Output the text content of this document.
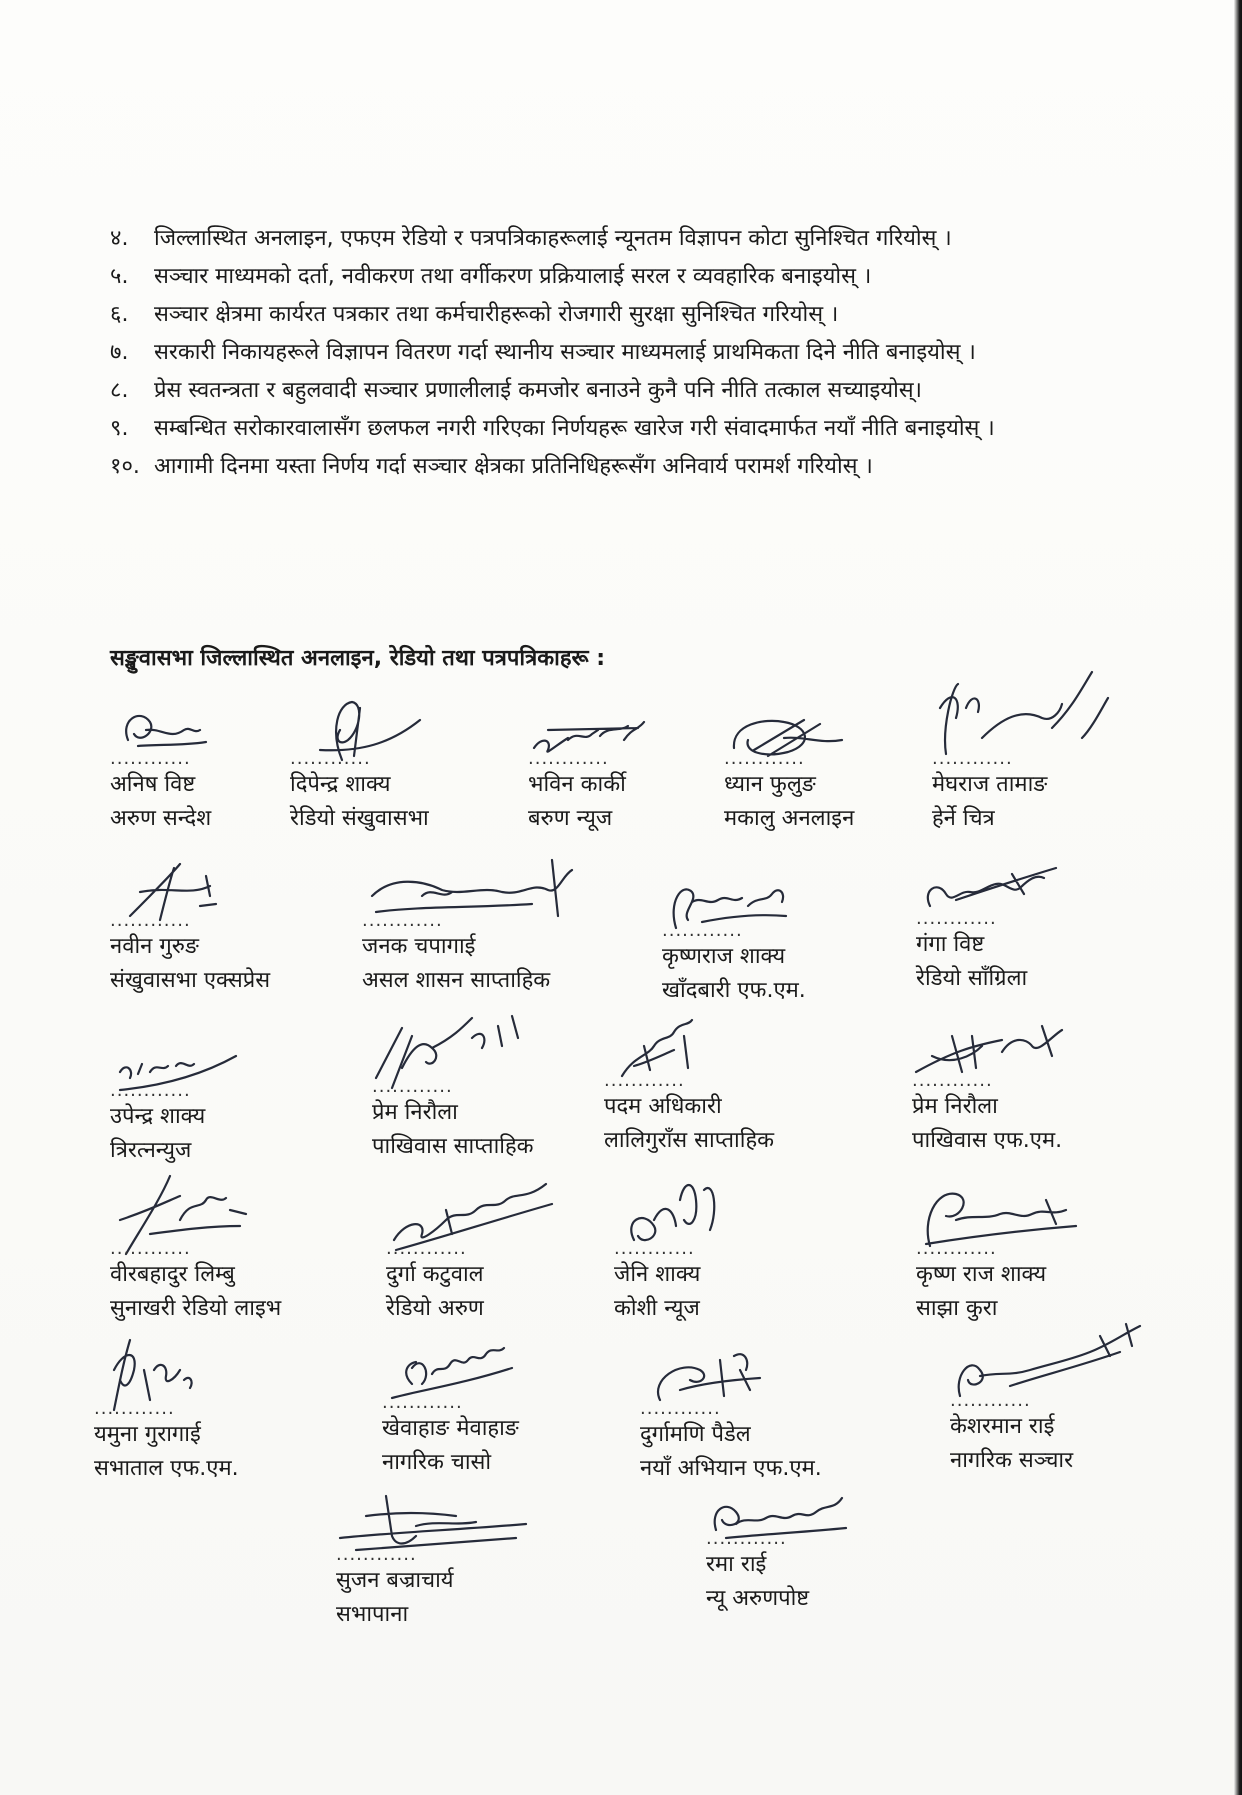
४. जिल्लास्थित अनलाइन, एफएम रेडियो र पत्रपत्रिकाहरूलाई न्यूनतम विज्ञापन कोटा सुनिश्चित गरियोस् ।
५. सञ्चार माध्यमको दर्ता, नवीकरण तथा वर्गीकरण प्रक्रियालाई सरल र व्यवहारिक बनाइयोस् ।
६. सञ्चार क्षेत्रमा कार्यरत पत्रकार तथा कर्मचारीहरूको रोजगारी सुरक्षा सुनिश्चित गरियोस् ।
७. सरकारी निकायहरूले विज्ञापन वितरण गर्दा स्थानीय सञ्चार माध्यमलाई प्राथमिकता दिने नीति बनाइयोस् ।
८. प्रेस स्वतन्त्रता र बहुलवादी सञ्चार प्रणालीलाई कमजोर बनाउने कुनै पनि नीति तत्काल सच्याइयोस्।
९. सम्बन्धित सरोकारवालासँग छलफल नगरी गरिएका निर्णयहरू खारेज गरी संवादमार्फत नयाँ नीति बनाइयोस् ।
१०. आगामी दिनमा यस्ता निर्णय गर्दा सञ्चार क्षेत्रका प्रतिनिधिहरूसँग अनिवार्य परामर्श गरियोस् ।
सङ्खुवासभा जिल्लास्थित अनलाइन, रेडियो तथा पत्रपत्रिकाहरू :
............
अनिष विष्ट
अरुण सन्देश
............
दिपेन्द्र शाक्य
रेडियो संखुवासभा
............
भविन कार्की
बरुण न्यूज
............
ध्यान फुलुङ
मकालु अनलाइन
............
मेघराज तामाङ
हेर्ने चित्र
............
नवीन गुरुङ
संखुवासभा एक्सप्रेस
............
जनक चपागाई
असल शासन साप्ताहिक
............
कृष्णराज शाक्य
खाँदबारी एफ.एम.
............
गंगा विष्ट
रेडियो साँग्रिला
............
उपेन्द्र शाक्य
त्रिरत्नन्युज
............
प्रेम निरौला
पाखिवास साप्ताहिक
............
पदम अधिकारी
लालिगुराँस साप्ताहिक
............
प्रेम निरौला
पाखिवास एफ.एम.
............
वीरबहादुर लिम्बु
सुनाखरी रेडियो लाइभ
............
दुर्गा कटुवाल
रेडियो अरुण
............
जेनि शाक्य
कोशी न्यूज
............
कृष्ण राज शाक्य
साझा कुरा
............
यमुना गुरागाई
सभाताल एफ.एम.
............
खेवाहाङ मेवाहाङ
नागरिक चासो
............
दुर्गामणि पैडेल
नयाँ अभियान एफ.एम.
............
केशरमान राई
नागरिक सञ्चार
............
सुजन बज्राचार्य
सभापाना
............
रमा राई
न्यू अरुणपोष्ट
